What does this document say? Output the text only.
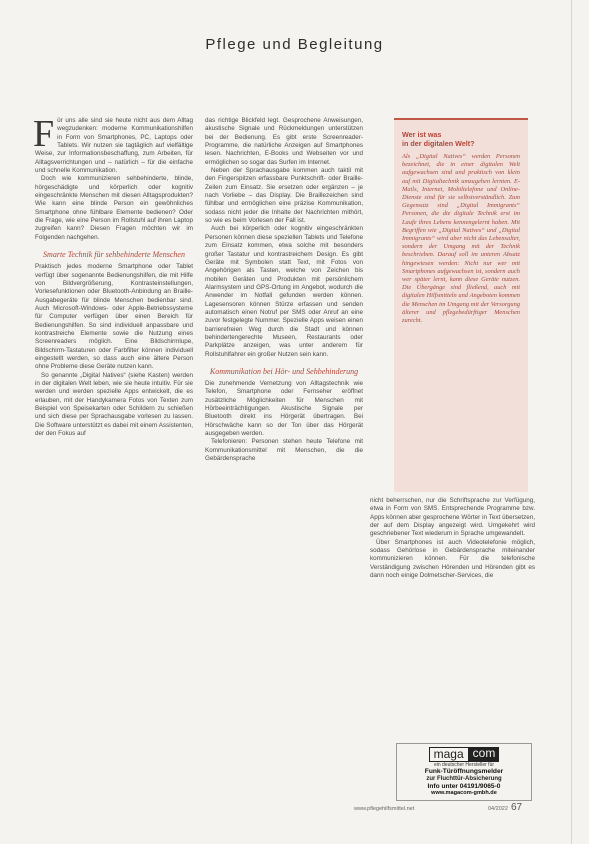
Pflege und Begleitung
F ür uns alle sind sie heute nicht aus dem Alltag wegzudenken: moderne Kommunikationshilfen in Form von Smartphones, PC, Laptops oder Tablets. Wir nutzen sie tagtäglich auf vielfältige Weise, zur Informationsbeschaffung, zum Arbeiten, für Alltagsverrichtungen und – natürlich – für die einfache und schnelle Kommunikation.

Doch wie kommunizieren sehbehinderte, blinde, hörgeschädigte und körperlich oder kognitiv eingeschränkte Menschen mit diesen Alltagsprodukten? Wie kann eine blinde Person ein gewöhnliches Smartphone ohne fühlbare Elemente bedienen? Oder die Frage, wie eine Person im Rollstuhl auf ihren Laptop zugreifen kann? Diesen Fragen möchten wir im Folgenden nachgehen.

Smarte Technik für sehbehinderte Menschen

Praktisch jedes moderne Smartphone oder Tablet verfügt über sogenannte Bedienungshilfen, die mit Hilfe von Bildvergrößerung, Kontrasteinstellungen, Vorlesefunktionen oder Bluetooth-Anbindung an Braille-Ausgabegeräte für blinde Menschen bedienbar sind. Auch Microsoft-Windows- oder Apple-Betriebssysteme für Computer verfügen über einen Bereich für Bedienungshilfen. So sind individuell anpassbare und kontrastreiche Elemente sowie die Nutzung eines Screenreaders möglich. Eine Bildschirmlupe, Bildschirm-Tastaturen oder Farbfilter können individuell eingestellt werden, so dass auch eine ältere Person ohne Probleme diese Geräte nutzen kann.

So genannte „Digital Natives“ (siehe Kasten) werden in der digitalen Welt leben, wie sie heute intuitiv. Für sie werden und werden spezielle Apps entwickelt, die es erlauben, mit der Handykamera Fotos von Texten zum Beispiel von Speisekarten oder Schildern zu schießen und sich diese per Sprachausgabe vorlesen zu lassen. Die Software unterstützt es dabei mit einem Assistenten, der den Fokus auf

das richtige Blickfeld legt. Gesprochene Anweisungen, akustische Signale und Rückmeldungen unterstützen bei der Bedienung. Es gibt erste Screenreader-Programme, die natürliche Anzeigen auf Smartphones lesen. Nachrichten, E-Books und Webseiten vor und ermöglichen so sogar das Surfen im Internet.

Neben der Sprachausgabe kommen auch taktil mit den Fingerspitzen erfassbare Punktschrift- oder Braille-Zeilen zum Einsatz. Sie ersetzen oder ergänzen – je nach Vorliebe – das Display. Die Braillezeichen sind fühlbar und ermöglichen eine präzise Kommunikation, sodass nicht jeder die Inhalte der Nachrichten mithört, so wie es beim Vorlesen der Fall ist.

Auch bei körperlich oder kognitiv eingeschränkten Personen können diese speziellen Tablets und Telefone zum Einsatz kommen, etwa solche mit besonders großer Tastatur und kontrastreichem Design. Es gibt Geräte mit Symbolen statt Text, mit Fotos von Angehörigen als Tasten, welche von Zeichen bis mobilen Geräten und Produkten mit persönlichem Alarmsystem und GPS-Ortung im Angebot, wodurch die Anwender im Notfall gefunden werden können. Lagesensoren können Stürze erfassen und senden automatisch einen Notruf per SMS oder Anruf an eine zuvor festgelegte Nummer. Spezielle Apps weisen einen barrierefreien Weg durch die Stadt und können behindertengerechte Museen, Restaurants oder Parkplätze anzeigen, was unter anderem für Rollstuhlfahrer ein großer Nutzen sein kann.

Kommunikation bei Hör- und Sehbehinderung

Die zunehmende Vernetzung von Alltagstechnik wie Telefon, Smartphone oder Fernseher eröffnet zusätzliche Möglichkeiten für Menschen mit Hörbeeinträchtigungen. Akustische Signale per Bluetooth direkt ins Hörgerät übertragen. Bei Hörschwäche kann so der Ton über das Hörgerät ausgegeben werden.

Telefonieren: Personen stehen heute Telefone mit Kommunikationsmittel mit Menschen, die die Gebärdensprache

Wer ist was
in der digitalen Welt?
Als „Digital Natives“ werden Personen bezeichnet, die in einer digitalen Welt aufgewachsen sind und praktisch von klein auf mit Digitaltechnik umzugehen lernten. E-Mails, Internet, Mobiltelefone und Online-Dienste sind für sie selbstverständlich. Zum Gegensatz sind „Digital Immigrants“ Personen, die die digitale Technik erst im Laufe ihres Lebens kennengelernt haben. Mit Begriffen wie „Digital Natives“ und „Digital Immigrants“ wird aber nicht das Lebensalter, sondern der Umgang mit der Technik beschrieben. Darauf soll im unteren Absatz hingewiesen werden: Nicht nur wer mit Smartphones aufgewachsen ist, sondern auch wer später lernt, kann diese Geräte nutzen. Die Übergänge sind fließend, auch mit digitalen Hilfsmitteln und Angeboten kommen die Menschen im Umgang mit der Versorgung älterer und pflegebedürftiger Menschen zurecht.

nicht beherrschen, nur die Schriftsprache zur Verfügung, etwa in Form von SMS. Entsprechende Programme bzw. Apps können aber gesprochene Wörter in Text übersetzen, der auf dem Display angezeigt wird. Umgekehrt wird geschriebener Text wiederum in Sprache umgewandelt.

Über Smartphones ist auch Videotelefonie möglich, sodass Gehörlose in Gebärdensprache miteinander kommunizieren können. Für die telefonische Verständigung zwischen Hörenden und Hörenden gibt es dann noch einige Dolmetscher-Services, die

maga com
ein deutscher Hersteller für
Funk-Türöffnungsmelder
zur Fluchttür-Absicherung
Info unter 04191/9065-0
www.magacom-gmbh.de
www.pflegehilfsmittel.net	04/2022 67
